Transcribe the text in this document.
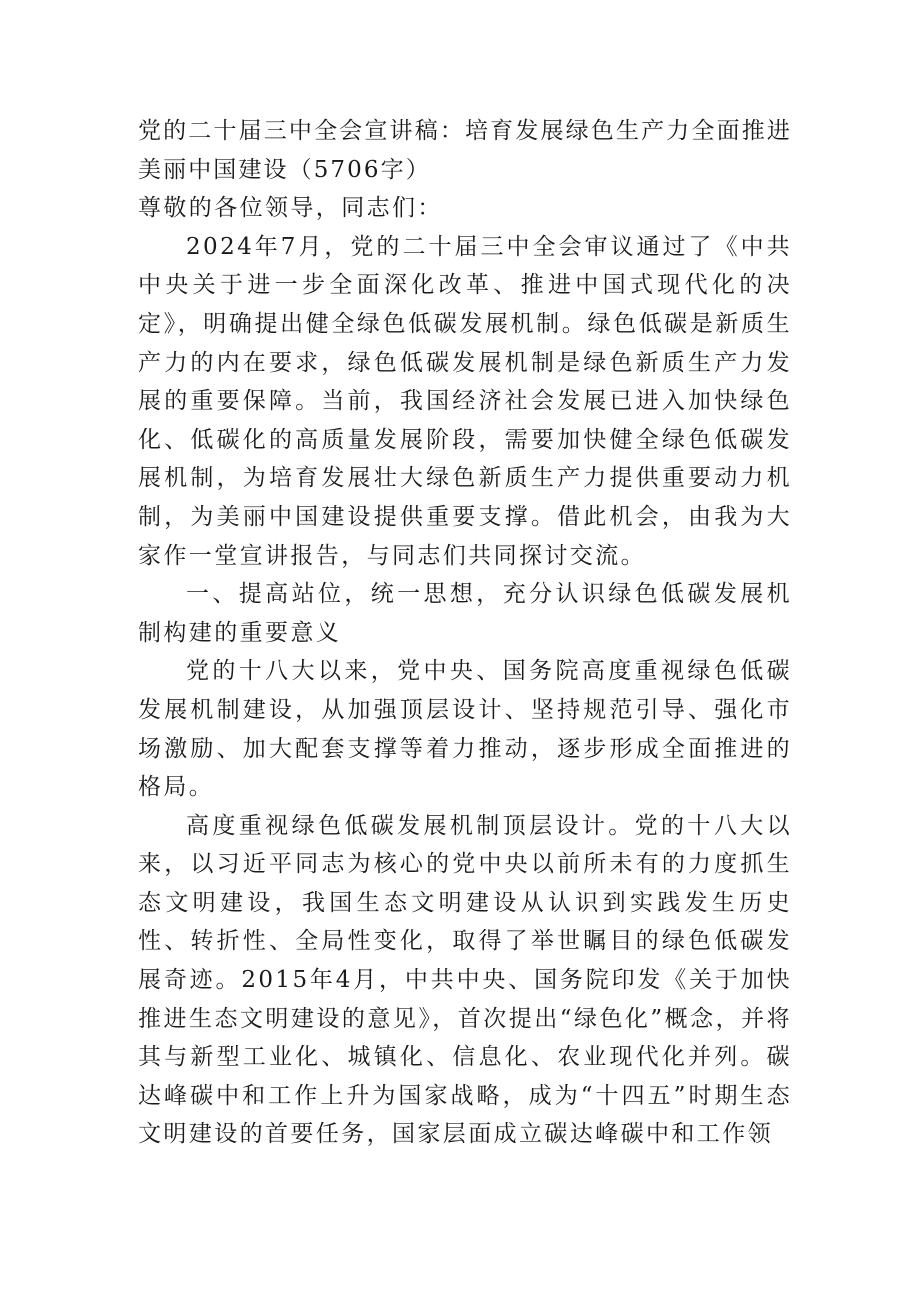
党的二十届三中全会宣讲稿：培育发展绿色生产力全面推进美丽中国建设（5706字）

尊敬的各位领导，同志们：

2024年7月，党的二十届三中全会审议通过了《中共中央关于进一步全面深化改革、推进中国式现代化的决定》，明确提出健全绿色低碳发展机制。绿色低碳是新质生产力的内在要求，绿色低碳发展机制是绿色新质生产力发展的重要保障。当前，我国经济社会发展已进入加快绿色化、低碳化的高质量发展阶段，需要加快健全绿色低碳发展机制，为培育发展壮大绿色新质生产力提供重要动力机制，为美丽中国建设提供重要支撑。借此机会，由我为大家作一堂宣讲报告，与同志们共同探讨交流。

一、提高站位，统一思想，充分认识绿色低碳发展机制构建的重要意义

党的十八大以来，党中央、国务院高度重视绿色低碳发展机制建设，从加强顶层设计、坚持规范引导、强化市场激励、加大配套支撑等着力推动，逐步形成全面推进的格局。

高度重视绿色低碳发展机制顶层设计。党的十八大以来，以习近平同志为核心的党中央以前所未有的力度抓生态文明建设，我国生态文明建设从认识到实践发生历史性、转折性、全局性变化，取得了举世瞩目的绿色低碳发展奇迹。2015年4月，中共中央、国务院印发《关于加快推进生态文明建设的意见》，首次提出“绿色化”概念，并将其与新型工业化、城镇化、信息化、农业现代化并列。碳达峰碳中和工作上升为国家战略，成为“十四五”时期生态文明建设的首要任务，国家层面成立碳达峰碳中和工作领
